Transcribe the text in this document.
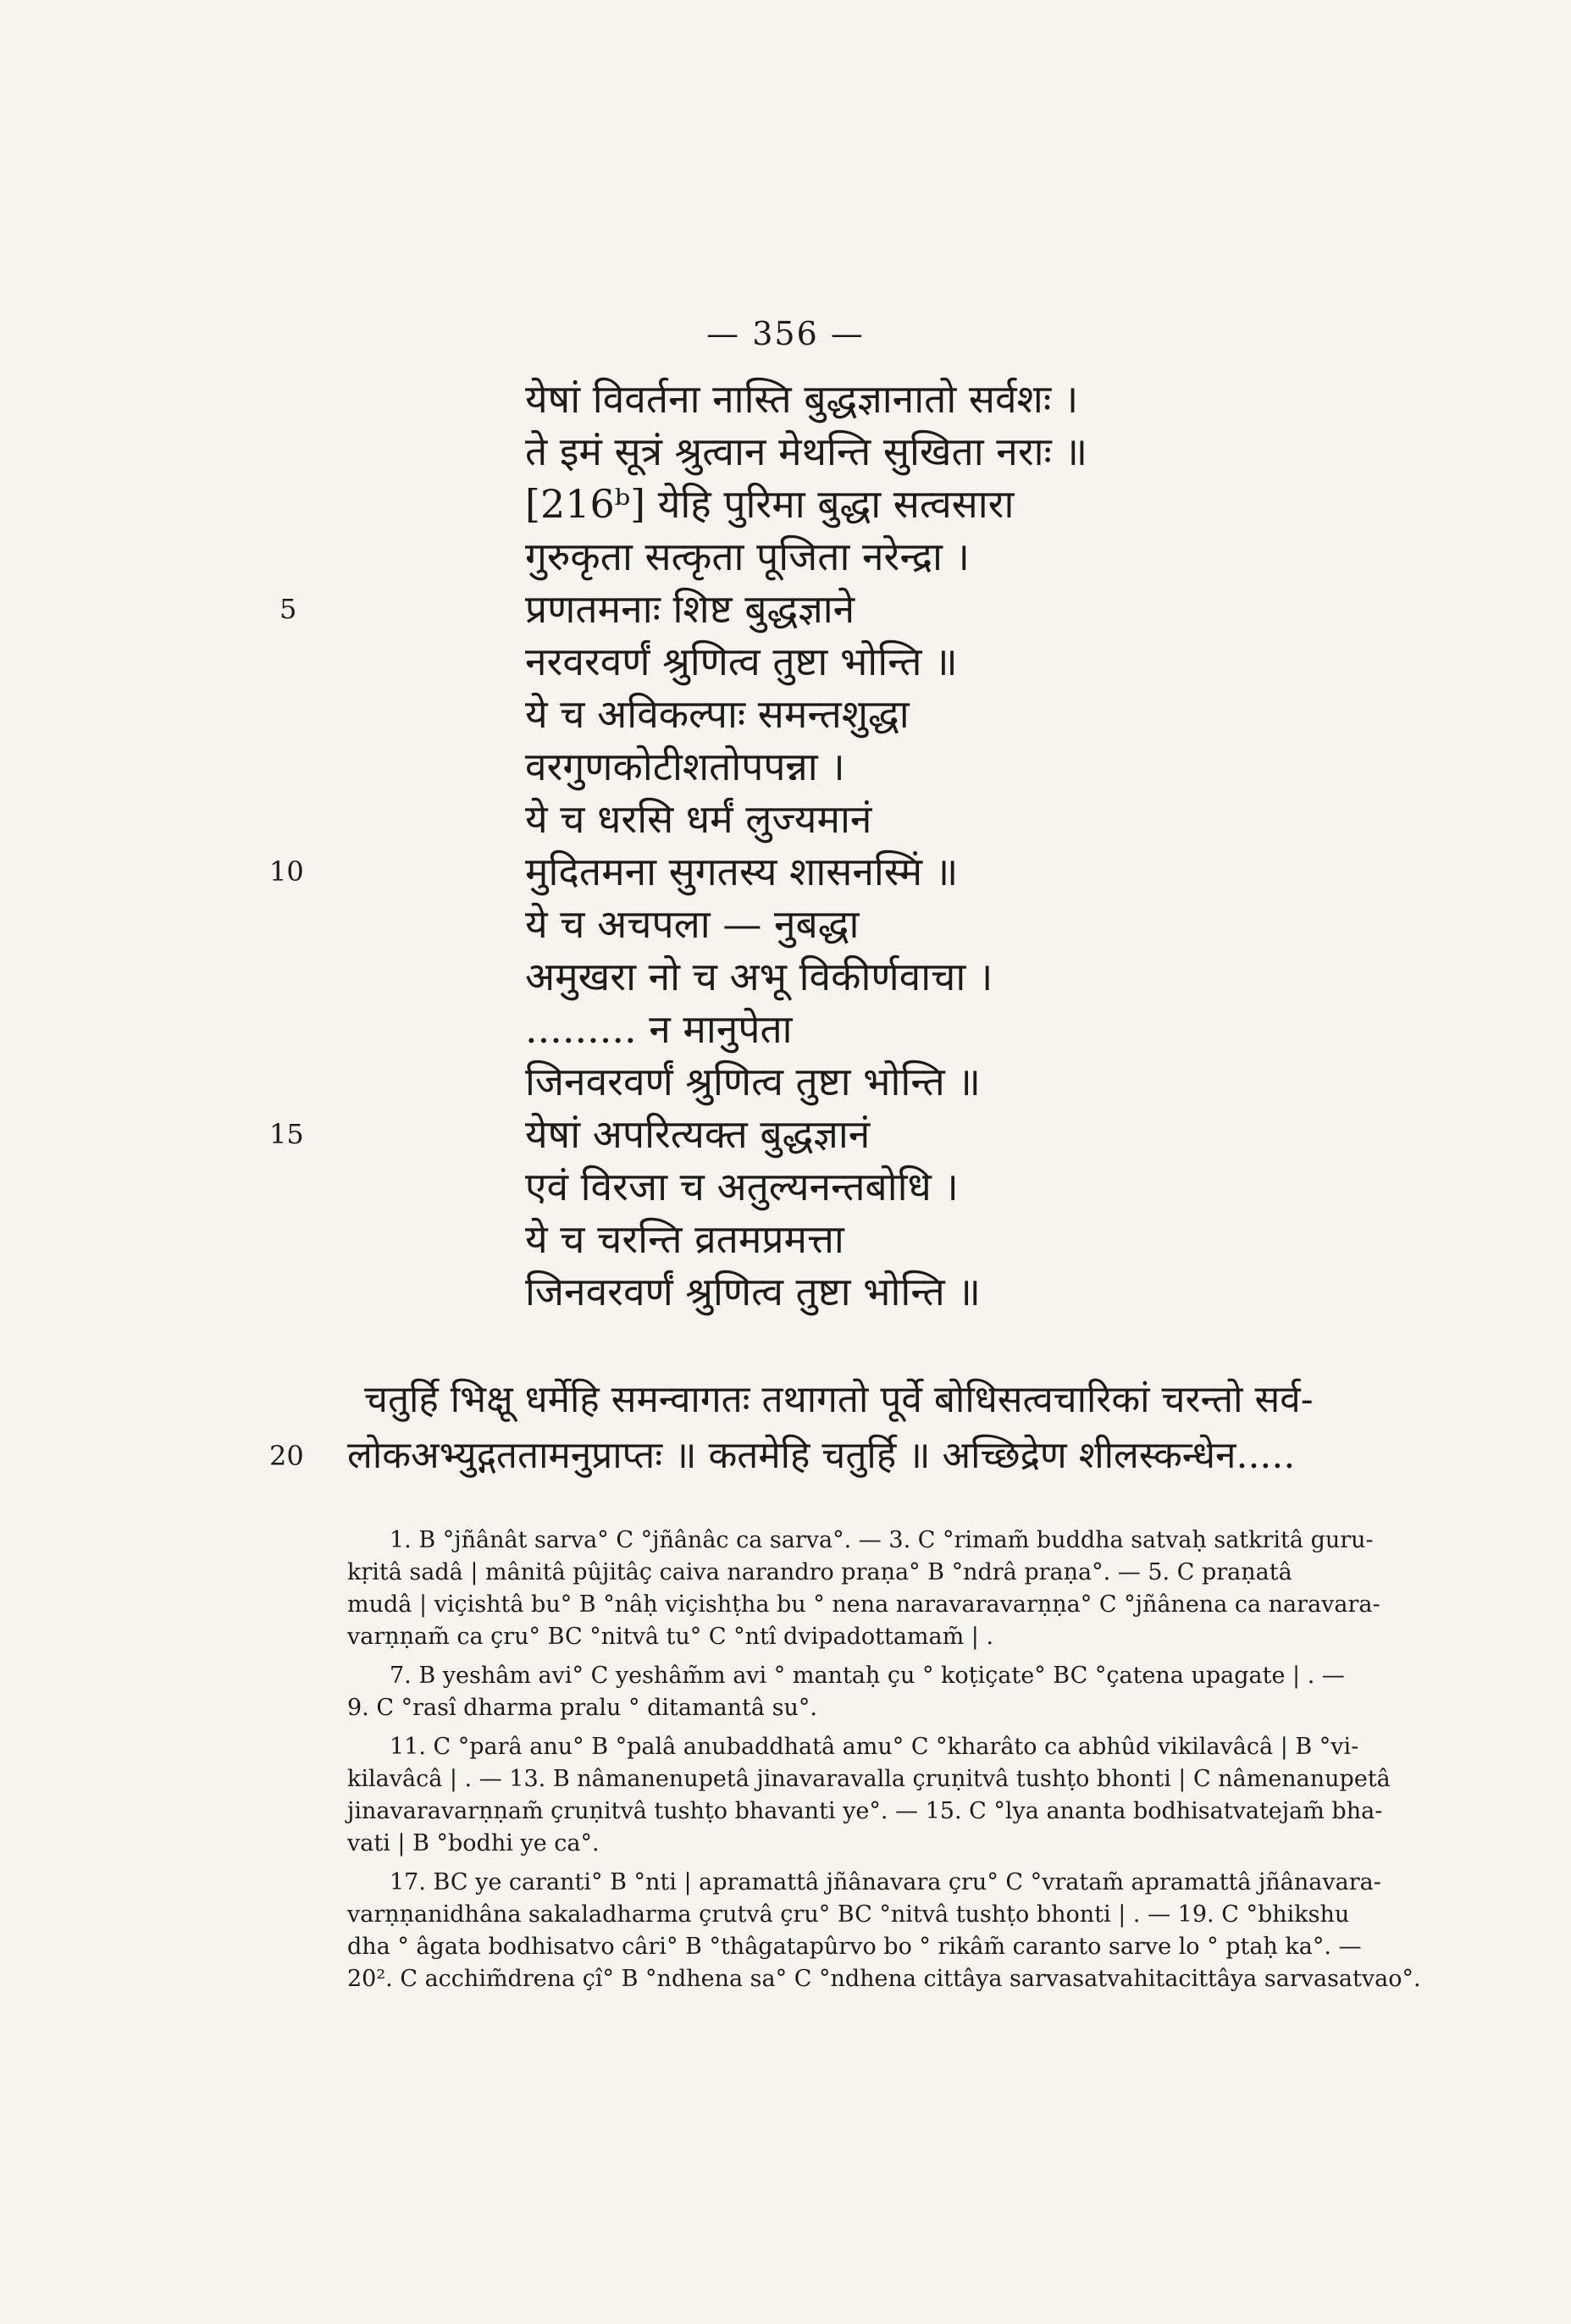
— 356 —
येषां विवर्तना नास्ति बुद्धज्ञानातो सर्वशः ।
ते इमं सूत्रं श्रुत्वान मेथन्ति सुखिता नराः ॥
[216ᵇ] येहि पुरिमा बुद्धा सत्वसारा
गुरुकृता सत्कृता पूजिता नरेन्द्रा ।
प्रणतमनाः शिष्ट बुद्धज्ञाने
नरवरवर्णं श्रुणित्व तुष्टा भोन्ति ॥
ये च अविकल्पाः समन्तशुद्धा
वरगुणकोटीशतोपपन्ना ।
ये च धरसि धर्मं लुज्यमानं
मुदितमना सुगतस्य शासनस्मिं ॥
ये च अचपला — नुबद्धा
अमुखरा नो च अभू विकीर्णवाचा ।
......... न मानुपेता
जिनवरवर्णं श्रुणित्व तुष्टा भोन्ति ॥
येषां अपरित्यक्त बुद्धज्ञानं
एवं विरजा च अतुल्यनन्तबोधि ।
ये च चरन्ति व्रतमप्रमत्ता
जिनवरवर्णं श्रुणित्व तुष्टा भोन्ति ॥
5
10
15
चतुर्हि भिक्षू धर्मेहि समन्वागतः तथागतो पूर्वे बोधिसत्वचारिकां चरन्तो सर्व-
लोकअभ्युद्गततामनुप्राप्तः ॥ कतमेहि चतुर्हि ॥ अच्छिद्रेण शीलस्कन्धेन.....
20
1. B °jñânât sarva° C °jñânâc ca sarva°. — 3. C °rimam̃ buddha satvaḥ satkritâ guru-
kṛitâ sadâ | mânitâ pûjitâç caiva narandro praṇa° B °ndrâ praṇa°. — 5. C praṇatâ
mudâ | viçishtâ bu° B °nâḥ viçishṭha bu ° nena naravaravarṇṇa° C °jñânena ca naravara-
varṇṇam̃ ca çru° BC °nitvâ tu° C °ntî dvipadottamam̃ | .
7. B yeshâm avi° C yeshâm̃m avi ° mantaḥ çu ° koṭiçate° BC °çatena upagate | . —
9. C °rasî dharma pralu ° ditamantâ su°.
11. C °parâ anu° B °palâ anubaddhatâ amu° C °kharâto ca abhûd vikilavâcâ | B °vi-
kilavâcâ | . — 13. B nâmanenupetâ jinavaravalla çruṇitvâ tushṭo bhonti | C nâmenanupetâ
jinavaravarṇṇam̃ çruṇitvâ tushṭo bhavanti ye°. — 15. C °lya ananta bodhisatvatejam̃ bha-
vati | B °bodhi ye ca°.
17. BC ye caranti° B °nti | apramattâ jñânavara çru° C °vratam̃ apramattâ jñânavara-
varṇṇanidhâna sakaladharma çrutvâ çru° BC °nitvâ tushṭo bhonti | . — 19. C °bhikshu
dha ° âgata bodhisatvo câri° B °thâgatapûrvo bo ° rikâm̃ caranto sarve lo ° ptaḥ ka°. —
20². C acchim̃drena çî° B °ndhena sa° C °ndhena cittâya sarvasatvahitacittâya sarvasatvao°.
